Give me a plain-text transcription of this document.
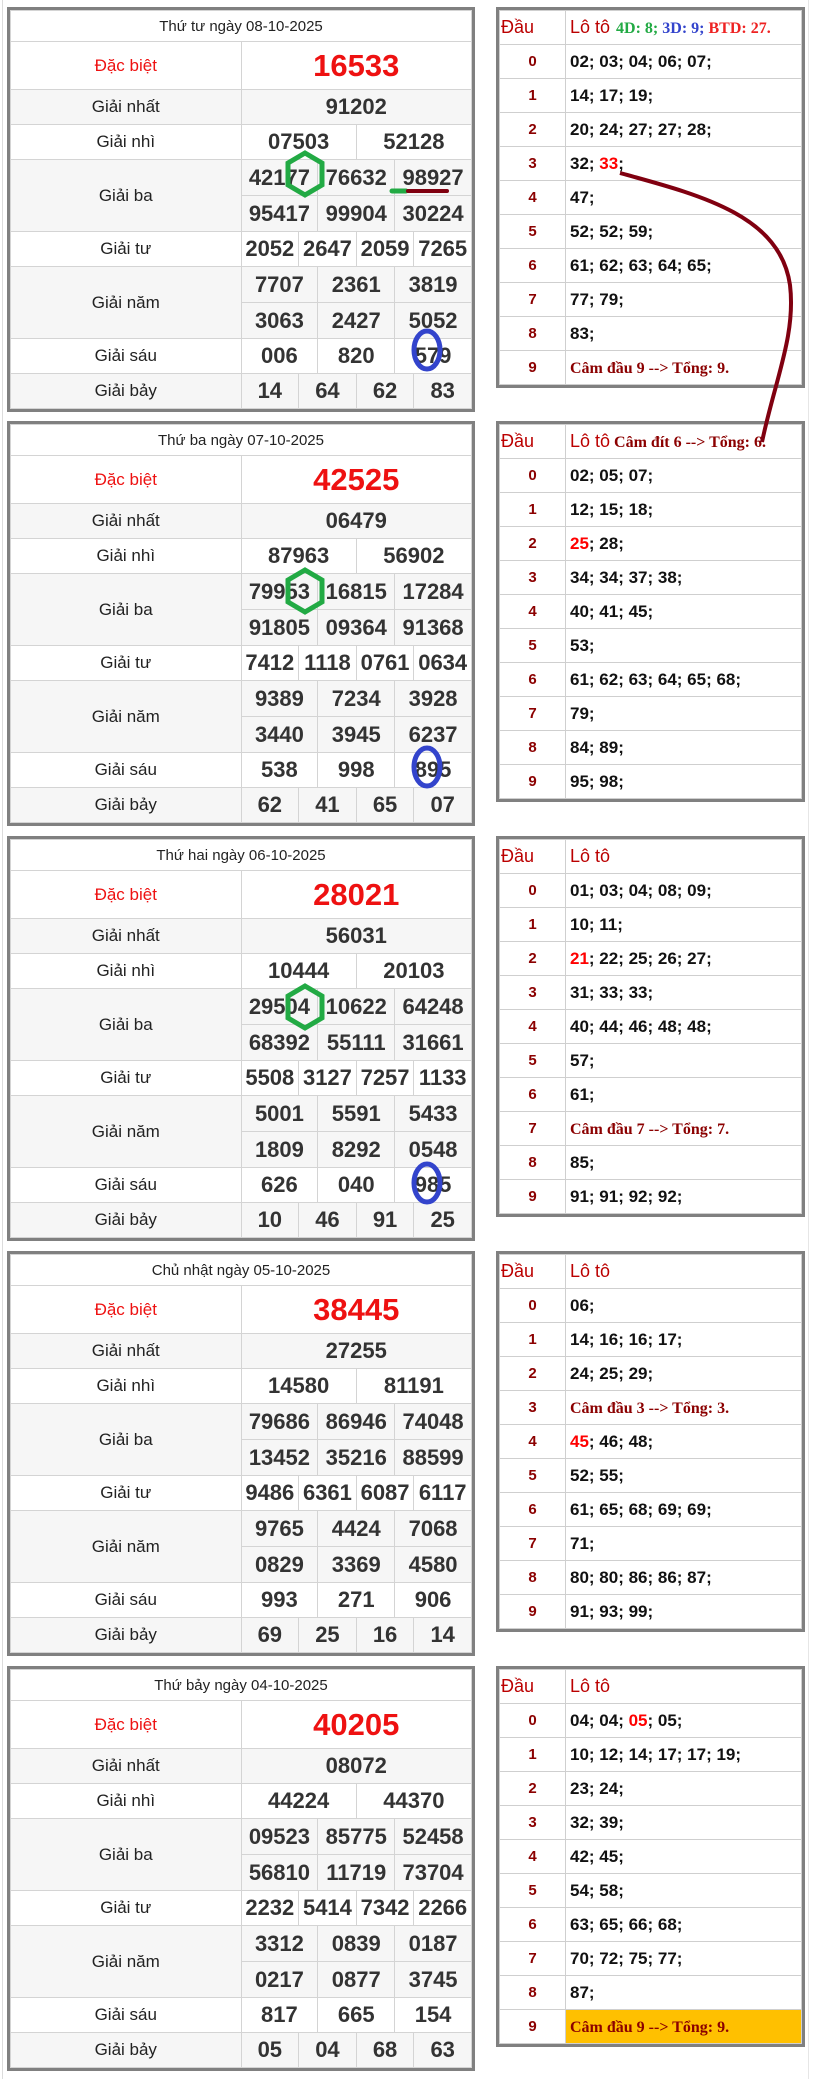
Thứ tư ngày 08-10-2025	
Đặc biệt	16533
Giải nhất	91202
Giải nhì	07503 52128

Giải ba	
42177 76632 98927
95417 99904 30224

Giải tư	2052 2647 2059 7265

Giải năm	
7707	2361	3819
3063	2427	5052

Giải sáu	006 820 579

Giải bảy	14 64 62 83
Đầu	Lô tô 4D: 8; 3D: 9; BTD: 27.
0	02; 03; 04; 06; 07;
1	14; 17; 19;
2	20; 24; 27; 27; 28;
3	32; 33;
4	47;
5	52; 52; 59;
6	61; 62; 63; 64; 65;
7	77; 79;
8	83;
9	Câm đầu 9 --> Tổng: 9.
Thứ ba ngày 07-10-2025	
Đặc biệt	42525
Giải nhất	06479
Giải nhì	87963 56902

Giải ba	
79953 16815 17284
91805 09364 91368

Giải tư	7412 1118 0761 0634

Giải năm	
9389	7234	3928
3440	3945	6237

Giải sáu	538 998 895

Giải bảy	62 41 65 07
Đầu	Lô tô Câm đít 6 --> Tổng: 6.
0	02; 05; 07;
1	12; 15; 18;
2	25; 28;
3	34; 34; 37; 38;
4	40; 41; 45;
5	53;
6	61; 62; 63; 64; 65; 68;
7	79;
8	84; 89;
9	95; 98;
Thứ hai ngày 06-10-2025	
Đặc biệt	28021
Giải nhất	56031
Giải nhì	10444 20103

Giải ba	
29504 10622 64248
68392 55111 31661

Giải tư	5508 3127 7257 1133

Giải năm	
5001	5591	5433
1809	8292	0548

Giải sáu	626 040 985

Giải bảy	10 46 91 25
Đầu	Lô tô
0	01; 03; 04; 08; 09;
1	10; 11;
2	21; 22; 25; 26; 27;
3	31; 33; 33;
4	40; 44; 46; 48; 48;
5	57;
6	61;
7	Câm đầu 7 --> Tổng: 7.
8	85;
9	91; 91; 92; 92;
Chủ nhật ngày 05-10-2025	
Đặc biệt	38445
Giải nhất	27255
Giải nhì	14580 81191

Giải ba	
79686 86946 74048
13452 35216 88599

Giải tư	9486 6361 6087 6117

Giải năm	
9765	4424	7068
0829	3369	4580

Giải sáu	993 271 906

Giải bảy	69 25 16 14
Đầu	Lô tô
0	06;
1	14; 16; 16; 17;
2	24; 25; 29;
3	Câm đầu 3 --> Tổng: 3.
4	45; 46; 48;
5	52; 55;
6	61; 65; 68; 69; 69;
7	71;
8	80; 80; 86; 86; 87;
9	91; 93; 99;
Thứ bảy ngày 04-10-2025	
Đặc biệt	40205
Giải nhất	08072
Giải nhì	44224 44370

Giải ba	
09523 85775 52458
56810 11719 73704

Giải tư	2232 5414 7342 2266

Giải năm	
3312	0839	0187
0217	0877	3745

Giải sáu	817 665 154

Giải bảy	05 04 68 63
Đầu	Lô tô
0	04; 04; 05; 05;
1	10; 12; 14; 17; 17; 19;
2	23; 24;
3	32; 39;
4	42; 45;
5	54; 58;
6	63; 65; 66; 68;
7	70; 72; 75; 77;
8	87;
9	Câm đầu 9 --> Tổng: 9.
